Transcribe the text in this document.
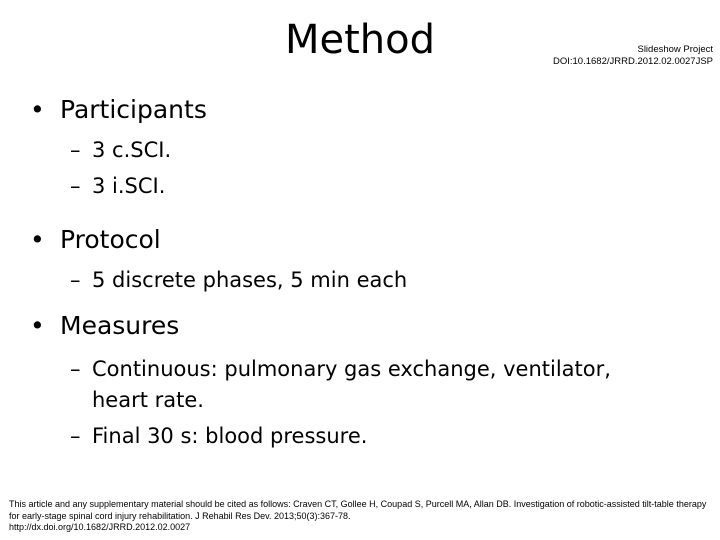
Method	Slideshow Project
DOI:10.1682/JRRD.2012.02.0027JSP
• Participants
– 3 c.SCI.
– 3 i.SCI.
• Protocol
– 5 discrete phases, 5 min each
• Measures
– Continuous: pulmonary gas exchange, ventilator, heart rate.
– Final 30 s: blood pressure.
This article and any supplementary material should be cited as follows: Craven CT, Gollee H, Coupad S, Purcell MA, Allan DB. Investigation of robotic-assisted tilt-table therapy for early-stage spinal cord injury rehabilitation. J Rehabil Res Dev. 2013;50(3):367-78.
http://dx.doi.org/10.1682/JRRD.2012.02.0027
